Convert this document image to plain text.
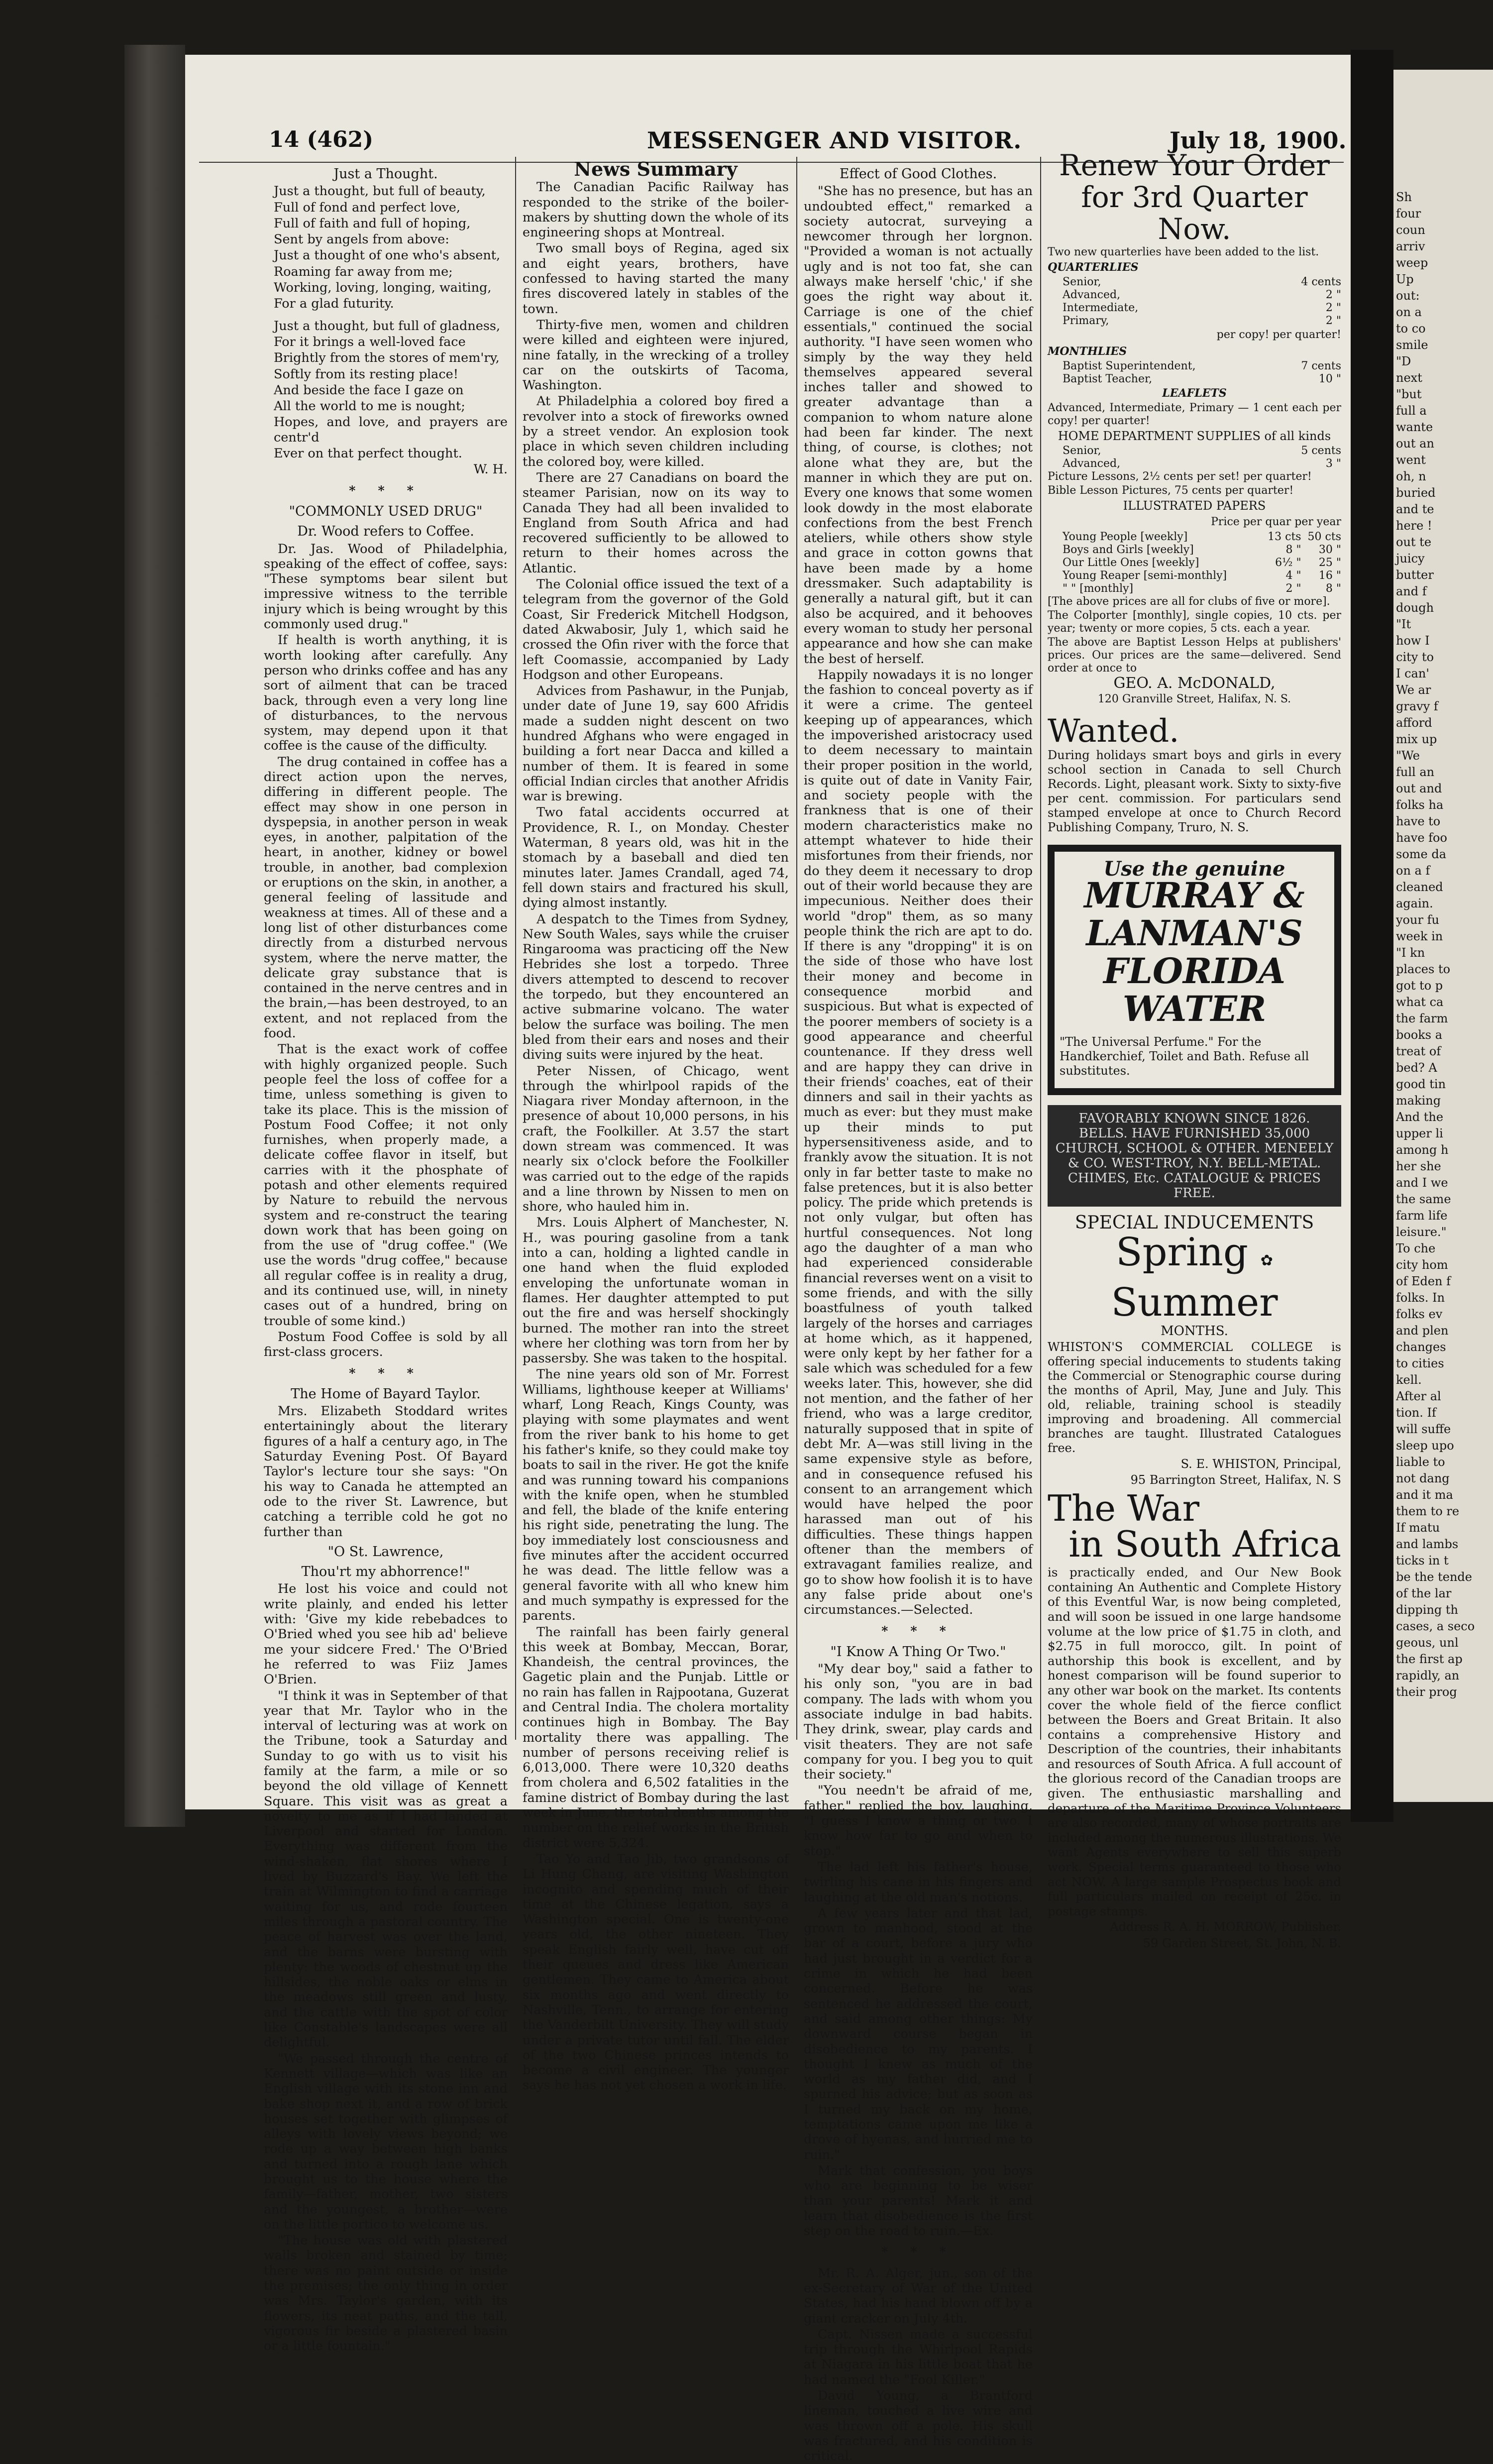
14 (462)	MESSENGER AND VISITOR.	July 18, 1900.

Just a Thought.

Just a thought, but full of beauty,

Full of fond and perfect love,

Full of faith and full of hoping,

Sent by angels from above:

Just a thought of one who's absent,

Roaming far away from me;

Working, loving, longing, waiting,

For a glad futurity.

Just a thought, but full of gladness,

For it brings a well-loved face

Brightly from the stores of mem'ry,

Softly from its resting place!

And beside the face I gaze on

All the world to me is nought;

Hopes, and love, and prayers are centr'd

Ever on that perfect thought.

W. H.

* * *

"COMMONLY USED DRUG"

Dr. Wood refers to Coffee.

Dr. Jas. Wood of Philadelphia, speaking of the effect of coffee, says: "These symptoms bear silent but impressive witness to the terrible injury which is being wrought by this commonly used drug."

If health is worth anything, it is worth looking after carefully. Any person who drinks coffee and has any sort of ailment that can be traced back, through even a very long line of disturbances, to the nervous system, may depend upon it that coffee is the cause of the difficulty.

The drug contained in coffee has a direct action upon the nerves, differing in different people. The effect may show in one person in dyspepsia, in another person in weak eyes, in another, palpitation of the heart, in another, kidney or bowel trouble, in another, bad complexion or eruptions on the skin, in another, a general feeling of lassitude and weakness at times. All of these and a long list of other disturbances come directly from a disturbed nervous system, where the nerve matter, the delicate gray substance that is contained in the nerve centres and in the brain,—has been destroyed, to an extent, and not replaced from the food.

That is the exact work of coffee with highly organized people. Such people feel the loss of coffee for a time, unless something is given to take its place. This is the mission of Postum Food Coffee; it not only furnishes, when properly made, a delicate coffee flavor in itself, but carries with it the phosphate of potash and other elements required by Nature to rebuild the nervous system and re-construct the tearing down work that has been going on from the use of "drug coffee." (We use the words "drug coffee," because all regular coffee is in reality a drug, and its continued use, will, in ninety cases out of a hundred, bring on trouble of some kind.)

Postum Food Coffee is sold by all first-class grocers.

* * *

The Home of Bayard Taylor.

Mrs. Elizabeth Stoddard writes entertainingly about the literary figures of a half a century ago, in The Saturday Evening Post. Of Bayard Taylor's lecture tour she says: "On his way to Canada he attempted an ode to the river St. Lawrence, but catching a terrible cold he got no further than

"O St. Lawrence,

Thou'rt my abhorrence!"

He lost his voice and could not write plainly, and ended his letter with: 'Give my kide rebebadces to O'Bried whed you see hib ad' believe me your sidcere Fred.' The O'Bried he referred to was Fiiz James O'Brien.

"I think it was in September of that year that Mr. Taylor who in the interval of lecturing was at work on the Tribune, took a Saturday and Sunday to go with us to visit his family at the farm, a mile or so beyond the old village of Kennett Square. This visit was as great a novelty to me as if I had landed at Liverpool and started for London. Everything was different from the wind-shaken, flat shores where I lived by Buzzard's Bay. We left the train at Wilmington to find a carriage waiting for us, and rode fourteen miles through a pastoral country. The peace of harvest was over the land, and the barns were bursting with plenty: the woods of chestnut up the hillsides, the noble oaks or elms in the meadows still green and lusty, and the cattle with the spot of color like Constable's landscapes were all delightful.

"We passed through the centre of Kennett village—which was like an English village with its stone inn and bake shop next it, and a row of brick houses set together with glimpses of alleys with lovely views beyond; we rode up a way between high banks and turned into a rough lane which brought us to the house where the family—father, mother, two sisters and the youngest, a brother—were on the little portico to welcome us.

"The house was old with plastered walls broken and stained by time; there was no paint outside or inside the premises; the only thing in order was Mrs. Taylor's garden, with its flowers, its neat paths, and the tall, vigorous fir beside a plastered basin or a little fountain."

News Summary

The Canadian Pacific Railway has responded to the strike of the boiler-makers by shutting down the whole of its engineering shops at Montreal.

Two small boys of Regina, aged six and eight years, brothers, have confessed to having started the many fires discovered lately in stables of the town.

Thirty-five men, women and children were killed and eighteen were injured, nine fatally, in the wrecking of a trolley car on the outskirts of Tacoma, Washington.

At Philadelphia a colored boy fired a revolver into a stock of fireworks owned by a street vendor. An explosion took place in which seven children including the colored boy, were killed.

There are 27 Canadians on board the steamer Parisian, now on its way to Canada They had all been invalided to England from South Africa and had recovered sufficiently to be allowed to return to their homes across the Atlantic.

The Colonial office issued the text of a telegram from the governor of the Gold Coast, Sir Frederick Mitchell Hodgson, dated Akwabosir, July 1, which said he crossed the Ofin river with the force that left Coomassie, accompanied by Lady Hodgson and other Europeans.

Advices from Pashawur, in the Punjab, under date of June 19, say 600 Afridis made a sudden night descent on two hundred Afghans who were engaged in building a fort near Dacca and killed a number of them. It is feared in some official Indian circles that another Afridis war is brewing.

Two fatal accidents occurred at Providence, R. I., on Monday. Chester Waterman, 8 years old, was hit in the stomach by a baseball and died ten minutes later. James Crandall, aged 74, fell down stairs and fractured his skull, dying almost instantly.

A despatch to the Times from Sydney, New South Wales, says while the cruiser Ringarooma was practicing off the New Hebrides she lost a torpedo. Three divers attempted to descend to recover the torpedo, but they encountered an active submarine volcano. The water below the surface was boiling. The men bled from their ears and noses and their diving suits were injured by the heat.

Peter Nissen, of Chicago, went through the whirlpool rapids of the Niagara river Monday afternoon, in the presence of about 10,000 persons, in his craft, the Foolkiller. At 3.57 the start down stream was commenced. It was nearly six o'clock before the Foolkiller was carried out to the edge of the rapids and a line thrown by Nissen to men on shore, who hauled him in.

Mrs. Louis Alphert of Manchester, N. H., was pouring gasoline from a tank into a can, holding a lighted candle in one hand when the fluid exploded enveloping the unfortunate woman in flames. Her daughter attempted to put out the fire and was herself shockingly burned. The mother ran into the street where her clothing was torn from her by passersby. She was taken to the hospital.

The nine years old son of Mr. Forrest Williams, lighthouse keeper at Williams' wharf, Long Reach, Kings County, was playing with some playmates and went from the river bank to his home to get his father's knife, so they could make toy boats to sail in the river. He got the knife and was running toward his companions with the knife open, when he stumbled and fell, the blade of the knife entering his right side, penetrating the lung. The boy immediately lost consciousness and five minutes after the accident occurred he was dead. The little fellow was a general favorite with all who knew him and much sympathy is expressed for the parents.

The rainfall has been fairly general this week at Bombay, Meccan, Borar, Khandeish, the central provinces, the Gagetic plain and the Punjab. Little or no rain has fallen in Rajpootana, Guzerat and Central India. The cholera mortality continues high in Bombay. The Bay mortality there was appalling. The number of persons receiving relief is 6,013,000. There were 10,320 deaths from cholera and 6,502 fatalities in the famine district of Bombay during the last week in June, the total deaths among the number on the relief works in the British district were 5,324.

Tao Yo and Tao Jib, two grandsons of Li Hung Chang, are visiting Washington incognito and spending much of their time at the Chinese legation, says a Washington special. One is twenty-one years old, the other nineteen. They speak English fairly well, have cut off their queues and dress like American gentlemen. They came to America about six months ago and went directly to Nashville, Tenn., to arrange for entering the Vanderbilt University. They will study under a private tutor until fall. The elder of the two Chinese princes intends to become a civil engineer. The younger says he has not yet chosen a work in life.

Effect of Good Clothes.

"She has no presence, but has an undoubted effect," remarked a society autocrat, surveying a newcomer through her lorgnon. "Provided a woman is not actually ugly and is not too fat, she can always make herself 'chic,' if she goes the right way about it. Carriage is one of the chief essentials," continued the social authority. "I have seen women who simply by the way they held themselves appeared several inches taller and showed to greater advantage than a companion to whom nature alone had been far kinder. The next thing, of course, is clothes; not alone what they are, but the manner in which they are put on. Every one knows that some women look dowdy in the most elaborate confections from the best French ateliers, while others show style and grace in cotton gowns that have been made by a home dressmaker. Such adaptability is generally a natural gift, but it can also be acquired, and it behooves every woman to study her personal appearance and how she can make the best of herself.

Happily nowadays it is no longer the fashion to conceal poverty as if it were a crime. The genteel keeping up of appearances, which the impoverished aristocracy used to deem necessary to maintain their proper position in the world, is quite out of date in Vanity Fair, and society people with the frankness that is one of their modern characteristics make no attempt whatever to hide their misfortunes from their friends, nor do they deem it necessary to drop out of their world because they are impecunious. Neither does their world "drop" them, as so many people think the rich are apt to do. If there is any "dropping" it is on the side of those who have lost their money and become in consequence morbid and suspicious. But what is expected of the poorer members of society is a good appearance and cheerful countenance. If they dress well and are happy they can drive in their friends' coaches, eat of their dinners and sail in their yachts as much as ever: but they must make up their minds to put hypersensitiveness aside, and to frankly avow the situation. It is not only in far better taste to make no false pretences, but it is also better policy. The pride which pretends is not only vulgar, but often has hurtful consequences. Not long ago the daughter of a man who had experienced considerable financial reverses went on a visit to some friends, and with the silly boastfulness of youth talked largely of the horses and carriages at home which, as it happened, were only kept by her father for a sale which was scheduled for a few weeks later. This, however, she did not mention, and the father of her friend, who was a large creditor, naturally supposed that in spite of debt Mr. A—was still living in the same expensive style as before, and in consequence refused his consent to an arrangement which would have helped the poor harassed man out of his difficulties. These things happen oftener than the members of extravagant families realize, and go to show how foolish it is to have any false pride about one's circumstances.—Selected.

* * *

"I Know A Thing Or Two."

"My dear boy," said a father to his only son, "you are in bad company. The lads with whom you associate indulge in bad habits. They drink, swear, play cards and visit theaters. They are not safe company for you. I beg you to quit their society."

"You needn't be afraid of me, father," replied the boy, laughing, "I guess I know a thing or two. I know how far to go and when to stop."

The lad left his father's house, twirling his cane in his fingers and laughing at the old man's notions.

A few years later and that lad, grown to manhood, stood at the bar of a court, before a jury who had just brought in a verdict for a crime in which he had been concerned. Before he was sentenced he addressed the court, and said among other things: My downward course began in disobedience to my parents. I thought I knew as much of the world as my father did, and I spurned his advice; but as soon as I turned my back on my home, temptations came upon me like a drove of hyenas, and hurried me to ruin."

Mark that confession, you boys who are beginning to be wiser than your parents! Mark it and learn that disobedience is the first step on the road to ruin.—Ex.

* * *

Mr. R. A. Alger, jun., son of the ex-Secretary of War of the United States, had his hand blown off by a giant cracker on July 4th.

Capt. Nissen made a successful trip through the Whirlpool Rapids at Niagara in his little boat that he had named the "Fool Killer."

David Young, a Brantford lineman, touched a live wire and was thrown off a pole. His skull was fractured, and his condition is critical.

Renew Your Order for 3rd Quarter Now.

Two new quarterlies have been added to the list.

QUARTERLIES

Senior,	4 cents
Advanced,	2 "
Intermediate,	2 "
Primary,	2 "

per copy! per quarter!

MONTHLIES

Baptist Superintendent,	7 cents
Baptist Teacher,	10 "

LEAFLETS

Advanced, Intermediate, Primary — 1 cent each per copy! per quarter!

HOME DEPARTMENT SUPPLIES of all kinds

Senior,	5 cents
Advanced,	3 "

Picture Lessons, 2½ cents per set! per quarter!

Bible Lesson Pictures, 75 cents per quarter!

ILLUSTRATED PAPERS

Price per quar per year

Young People [weekly]	13 cts	50 cts
Boys and Girls [weekly]	8 "	30 "
Our Little Ones [weekly]	6½ "	25 "
Young Reaper [semi-monthly]	4 "	16 "
" " [monthly]	2 "	8 "

[The above prices are all for clubs of five or more].

The Colporter [monthly], single copies, 10 cts. per year; twenty or more copies, 5 cts. each a year.

The above are Baptist Lesson Helps at publishers' prices. Our prices are the same—delivered. Send order at once to

GEO. A. McDONALD,

120 Granville Street, Halifax, N. S.

Wanted.

During holidays smart boys and girls in every school section in Canada to sell Church Records. Light, pleasant work. Sixty to sixty-five per cent. commission. For particulars send stamped envelope at once to Church Record Publishing Company, Truro, N. S.

Use the genuine
MURRAY &
LANMAN'S
FLORIDA
WATER
"The Universal Perfume." For the Handkerchief, Toilet and Bath. Refuse all substitutes.
FAVORABLY KNOWN SINCE 1826. BELLS. HAVE FURNISHED 35,000 CHURCH, SCHOOL & OTHER. MENEELY & CO. WEST-TROY, N.Y. BELL-METAL. CHIMES, Etc. CATALOGUE & PRICES FREE.

SPECIAL INDUCEMENTS

Spring ✿ Summer

MONTHS.

WHISTON'S COMMERCIAL COLLEGE is offering special inducements to students taking the Commercial or Stenographic course during the months of April, May, June and July. This old, reliable, training school is steadily improving and broadening. All commercial branches are taught. Illustrated Catalogues free.

S. E. WHISTON, Principal,

95 Barrington Street, Halifax, N. S

The War

in South Africa

is practically ended, and Our New Book containing An Authentic and Complete History of this Eventful War, is now being completed, and will soon be issued in one large handsome volume at the low price of $1.75 in cloth, and $2.75 in full morocco, gilt. In point of authorship this book is excellent, and by honest comparison will be found superior to any other war book on the market. Its contents cover the whole field of the fierce conflict between the Boers and Great Britain. It also contains a comprehensive History and Description of the countries, their inhabitants and resources of South Africa. A full account of the glorious record of the Canadian troops are given. The enthusiastic marshalling and departure of the Maritime Province Volunteers are also recorded, many of whose portraits are included among the numerous illustrations. We want Agents everywhere to sell this superb work. Special terms guaranteed to those who act NOW. A large sample Prospectus book and full particulars mailed on receipt of 25c. in postage stamps.

Address R. A. H. MORROW, Publisher.

59 Garden Street, St. John, N. B.

Sh
four
coun
arriv
weep
Up
out:
on a
to co
smile
"D
next
"but
full a
wante
out an
went
oh, n
buried
and te
here !
out te
juicy
butter
and f
dough
"It
how I
city to
I can'
We ar
gravy f
afford
mix up
"We
full an
out and
folks ha
have to
have foo
some da
on a f
cleaned
again.
your fu
week in
"I kn
places to
got to p
what ca
the farm
books a
treat of
bed? A
good tin
making
And the
upper li
among h
her she
and I we
the same
farm life
leisure."
To che
city hom
of Eden f
folks. In
folks ev
and plen
changes
to cities
kell.
After al
tion. If
will suffe
sleep upo
liable to
not dang
and it ma
them to re
If matu
and lambs
ticks in t
be the tende
of the lar
dipping th
cases, a seco
geous, unl
the first ap
rapidly, an
their prog
